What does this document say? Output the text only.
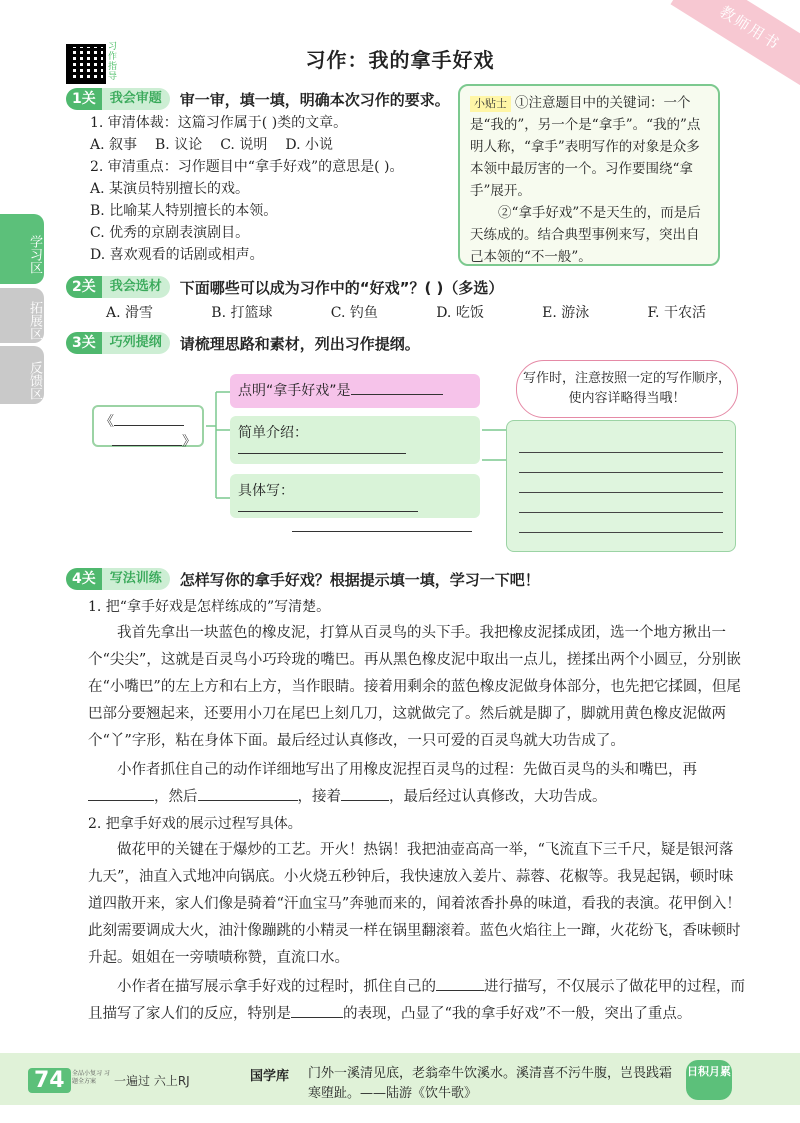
习作指导
习作：我的拿手好戏
教师用书
学习区
拓展区
反馈区
1关	我会审题	审一审，填一填，明确本次习作的要求。
1. 审清体裁：这篇习作属于( )类的文章。
A. 叙事 B. 议论 C. 说明 D. 小说
2. 审清重点：习作题目中“拿手好戏”的意思是( )。
A. 某演员特别擅长的戏。
B. 比喻某人特别擅长的本领。
C. 优秀的京剧表演剧目。
D. 喜欢观看的话剧或相声。
小贴士 ①注意题目中的关键词：一个是“我的”，另一个是“拿手”。“我的”点明人称，“拿手”表明写作的对象是众多本领中最厉害的一个。习作要围绕“拿手”展开。
②“拿手好戏”不是天生的，而是后天练成的。结合典型事例来写，突出自己本领的“不一般”。
2关	我会选材	下面哪些可以成为习作中的“好戏”？( )（多选）
A. 滑雪	B. 打篮球	C. 钓鱼	D. 吃饭	E. 游泳	F. 干农活
3关	巧列提纲	请梳理思路和素材，列出习作提纲。
《
》
点明“拿手好戏”是
简单介绍：
具体写：
写作时，注意按照一定的写作顺序，使内容详略得当哦！
4关	写法训练	怎样写你的拿手好戏？根据提示填一填，学习一下吧！
1. 把“拿手好戏是怎样练成的”写清楚。
我首先拿出一块蓝色的橡皮泥，打算从百灵鸟的头下手。我把橡皮泥揉成团，选一个地方揪出一个“尖尖”，这就是百灵鸟小巧玲珑的嘴巴。再从黑色橡皮泥中取出一点儿，搓揉出两个小圆豆，分别嵌在“小嘴巴”的左上方和右上方，当作眼睛。接着用剩余的蓝色橡皮泥做身体部分，也先把它揉圆，但尾巴部分要翘起来，还要用小刀在尾巴上刻几刀，这就做完了。然后就是脚了，脚就用黄色橡皮泥做两个“丫”字形，粘在身体下面。最后经过认真修改，一只可爱的百灵鸟就大功告成了。
小作者抓住自己的动作详细地写出了用橡皮泥捏百灵鸟的过程：先做百灵鸟的头和嘴巴，再，然后	，接着	，最后经过认真修改，大功告成。
2. 把拿手好戏的展示过程写具体。
做花甲的关键在于爆炒的工艺。开火！热锅！我把油壶高高一举，“飞流直下三千尺，疑是银河落九天”，油直入式地冲向锅底。小火烧五秒钟后，我快速放入姜片、蒜蓉、花椒等。我晃起锅，顿时味道四散开来，家人们像是骑着“汗血宝马”奔驰而来的，闻着浓香扑鼻的味道，看我的表演。花甲倒入！此刻需要调成大火，油汁像蹦跳的小精灵一样在锅里翻滚着。蓝色火焰往上一蹿，火花纷飞，香味顿时升起。姐姐在一旁啧啧称赞，直流口水。
小作者在描写展示拿手好戏的过程时，抓住自己的	进行描写，不仅展示了做花甲的过程，而且描写了家人们的反应，特别是	的表现，凸显了“我的拿手好戏”不一般，突出了重点。
74	全品小复习 习题全方案	一遍过 六上RJ	国学库 门外一溪清见底，老翁牵牛饮溪水。溪清喜不污牛腹，岂畏践霜寒堕趾。——陆游《饮牛歌》
日积月累
